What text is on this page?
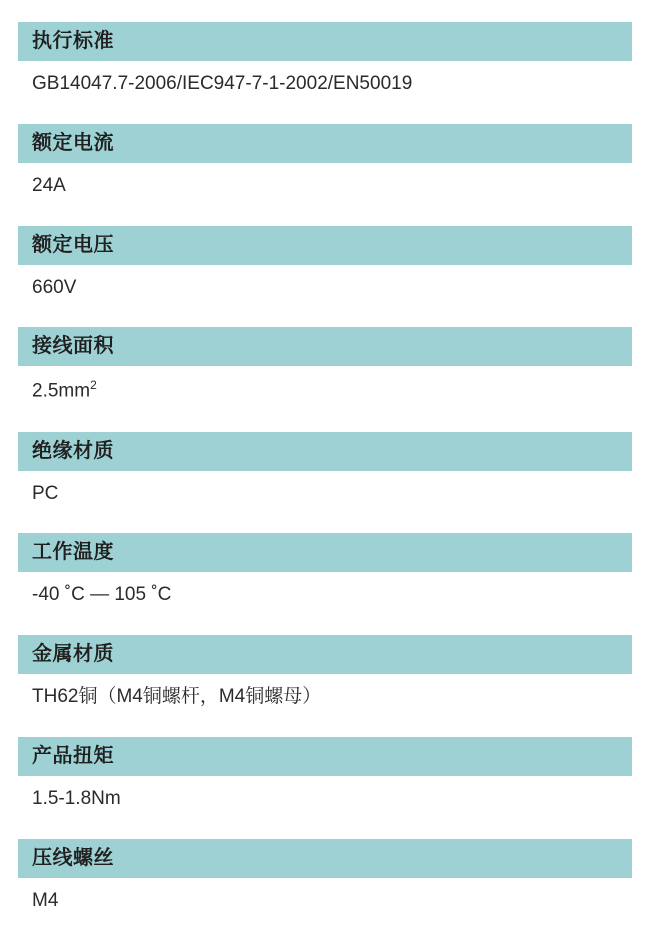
执行标准
GB14047.7-2006/IEC947-7-1-2002/EN50019
额定电流
24A
额定电压
660V
接线面积
$2.5mm^2$
绝缘材质
PC
工作温度
-40 ˚C — 105 ˚C
金属材质
TH62铜（M4铜螺杆，M4铜螺母）
产品扭矩
1.5-1.8Nm
压线螺丝
M4
